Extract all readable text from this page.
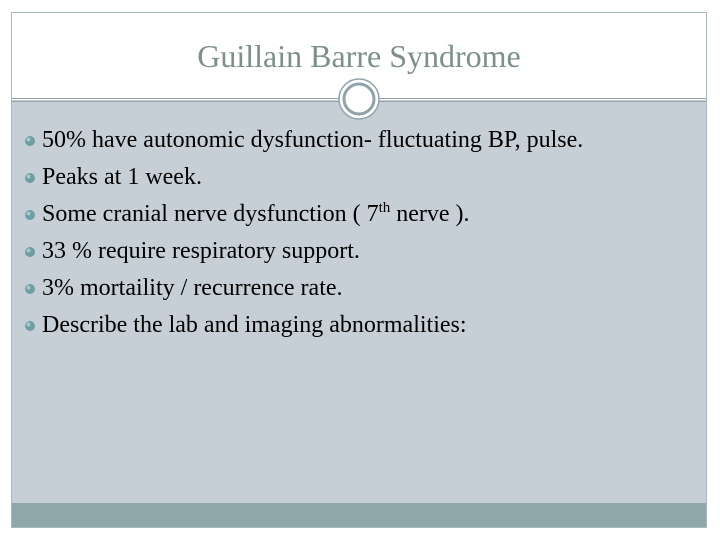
Guillain Barre Syndrome
50% have autonomic dysfunction- fluctuating BP, pulse.
Peaks at 1 week.
Some cranial nerve dysfunction ( 7th nerve ).
33 % require respiratory support.
3% mortaility / recurrence rate.
Describe the lab and imaging abnormalities:
